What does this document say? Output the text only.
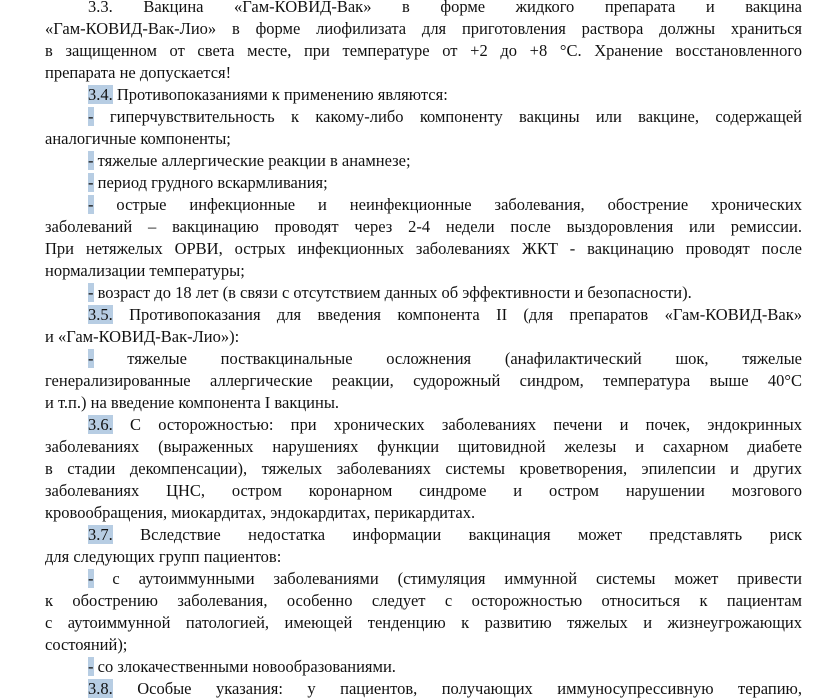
3.3. Вакцина «Гам-КОВИД-Вак» в форме жидкого препарата и вакцина
«Гам-КОВИД-Вак-Лио» в форме лиофилизата для приготовления раствора должны храниться
в защищенном от света месте, при температуре от +2 до +8 °С. Хранение восстановленного
препарата не допускается!
3.4. Противопоказаниями к применению являются:
- гиперчувствительность к какому-либо компоненту вакцины или вакцине, содержащей
аналогичные компоненты;
- тяжелые аллергические реакции в анамнезе;
- период грудного вскармливания;
- острые инфекционные и неинфекционные заболевания, обострение хронических
заболеваний – вакцинацию проводят через 2-4 недели после выздоровления или ремиссии.
При нетяжелых ОРВИ, острых инфекционных заболеваниях ЖКТ - вакцинацию проводят после
нормализации температуры;
- возраст до 18 лет (в связи с отсутствием данных об эффективности и безопасности).
3.5. Противопоказания для введения компонента II (для препаратов «Гам-КОВИД-Вак»
и «Гам-КОВИД-Вак-Лио»):
- тяжелые поствакцинальные осложнения (анафилактический шок, тяжелые
генерализированные аллергические реакции, судорожный синдром, температура выше 40°С
и т.п.) на введение компонента I вакцины.
3.6. С осторожностью: при хронических заболеваниях печени и почек, эндокринных
заболеваниях (выраженных нарушениях функции щитовидной железы и сахарном диабете
в стадии декомпенсации), тяжелых заболеваниях системы кроветворения, эпилепсии и других
заболеваниях ЦНС, остром коронарном синдроме и остром нарушении мозгового
кровообращения, миокардитах, эндокардитах, перикардитах.
3.7. Вследствие недостатка информации вакцинация может представлять риск
для следующих групп пациентов:
- с аутоиммунными заболеваниями (стимуляция иммунной системы может привести
к обострению заболевания, особенно следует с осторожностью относиться к пациентам
с аутоиммунной патологией, имеющей тенденцию к развитию тяжелых и жизнеугрожающих
состояний);
- со злокачественными новообразованиями.
3.8. Особые указания: у пациентов, получающих иммуносупрессивную терапию,
